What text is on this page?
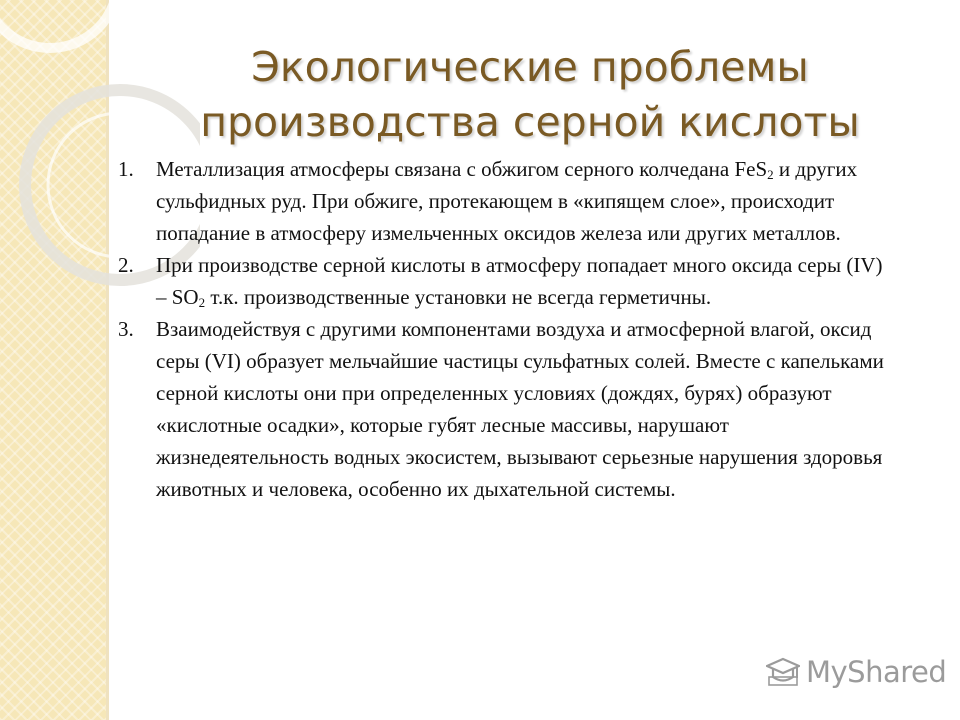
Экологические проблемы
производства серной кислоты
1. Металлизация атмосферы связана с обжигом серного колчедана FeS$_2$ и других сульфидных руд. При обжиге, протекающем в «кипящем слое», происходит попадание в атмосферу измельченных оксидов железа или других металлов.
2. При производстве серной кислоты в атмосферу попадает много оксида серы $(IV) - SO_2$ т.к. производственные установки не всегда герметичны.
3. Взаимодействуя с другими компонентами воздуха и атмосферной влагой, оксид серы (VI) образует мельчайшие частицы сульфатных солей. Вместе с капельками серной кислоты они при определенных условиях (дождях, бурях) образуют «кислотные осадки», которые губят лесные массивы, нарушают жизнедеятельность водных экосистем, вызывают серьезные нарушения здоровья животных и человека, особенно их дыхательной системы.
MyShared
